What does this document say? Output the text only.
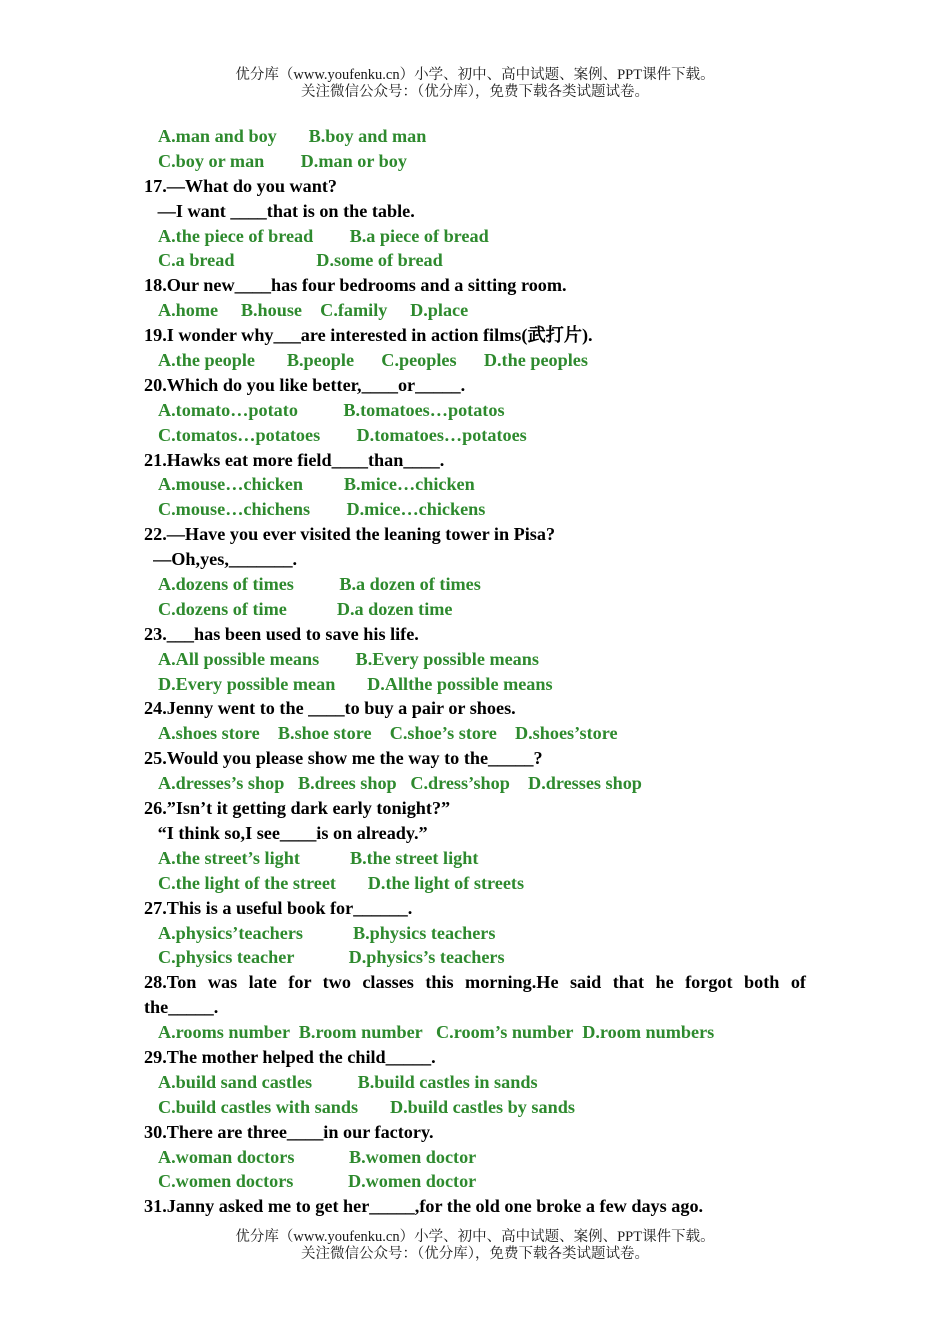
优分库（www.youfenku.cn）小学、初中、高中试题、案例、PPT课件下载。
关注微信公众号：（优分库），免费下载各类试题试卷。
A.man and boy       B.boy and man
C.boy or man        D.man or boy
17.—What do you want?
—I want ____that is on the table.
A.the piece of bread        B.a piece of bread
C.a bread                  D.some of bread
18.Our new____has four bedrooms and a sitting room.
A.home     B.house    C.family     D.place
19.I wonder why___are interested in action films(武打片).
A.the people       B.people      C.peoples      D.the peoples
20.Which do you like better,____or_____.
A.tomato…potato          B.tomatoes…potatos
C.tomatos…potatoes        D.tomatoes…potatoes
21.Hawks eat more field____than____.
A.mouse…chicken         B.mice…chicken
C.mouse…chichens        D.mice…chickens
22.—Have you ever visited the leaning tower in Pisa?
—Oh,yes,_______.
A.dozens of times          B.a dozen of times
C.dozens of time           D.a dozen time
23.___has been used to save his life.
A.All possible means        B.Every possible means
D.Every possible mean       D.Allthe possible means
24.Jenny went to the ____to buy a pair or shoes.
A.shoes store    B.shoe store    C.shoe’s store    D.shoes’store
25.Would you please show me the way to the_____?
A.dresses’s shop   B.drees shop   C.dress’shop    D.dresses shop
26.”Isn’t it getting dark early tonight?”
“I think so,I see____is on already.”
A.the street’s light           B.the street light
C.the light of the street       D.the light of streets
27.This is a useful book for______.
A.physics’teachers           B.physics teachers
C.physics teacher            D.physics’s teachers
28.Ton was late for two classes this morning.He said that he forgot both of
the_____.
A.rooms number  B.room number   C.room’s number  D.room numbers
29.The mother helped the child_____.
A.build sand castles          B.build castles in sands
C.build castles with sands       D.build castles by sands
30.There are three____in our factory.
A.woman doctors            B.women doctor
C.women doctors            D.women doctor
31.Janny asked me to get her_____,for the old one broke a few days ago.
优分库（www.youfenku.cn）小学、初中、高中试题、案例、PPT课件下载。
关注微信公众号：（优分库），免费下载各类试题试卷。
